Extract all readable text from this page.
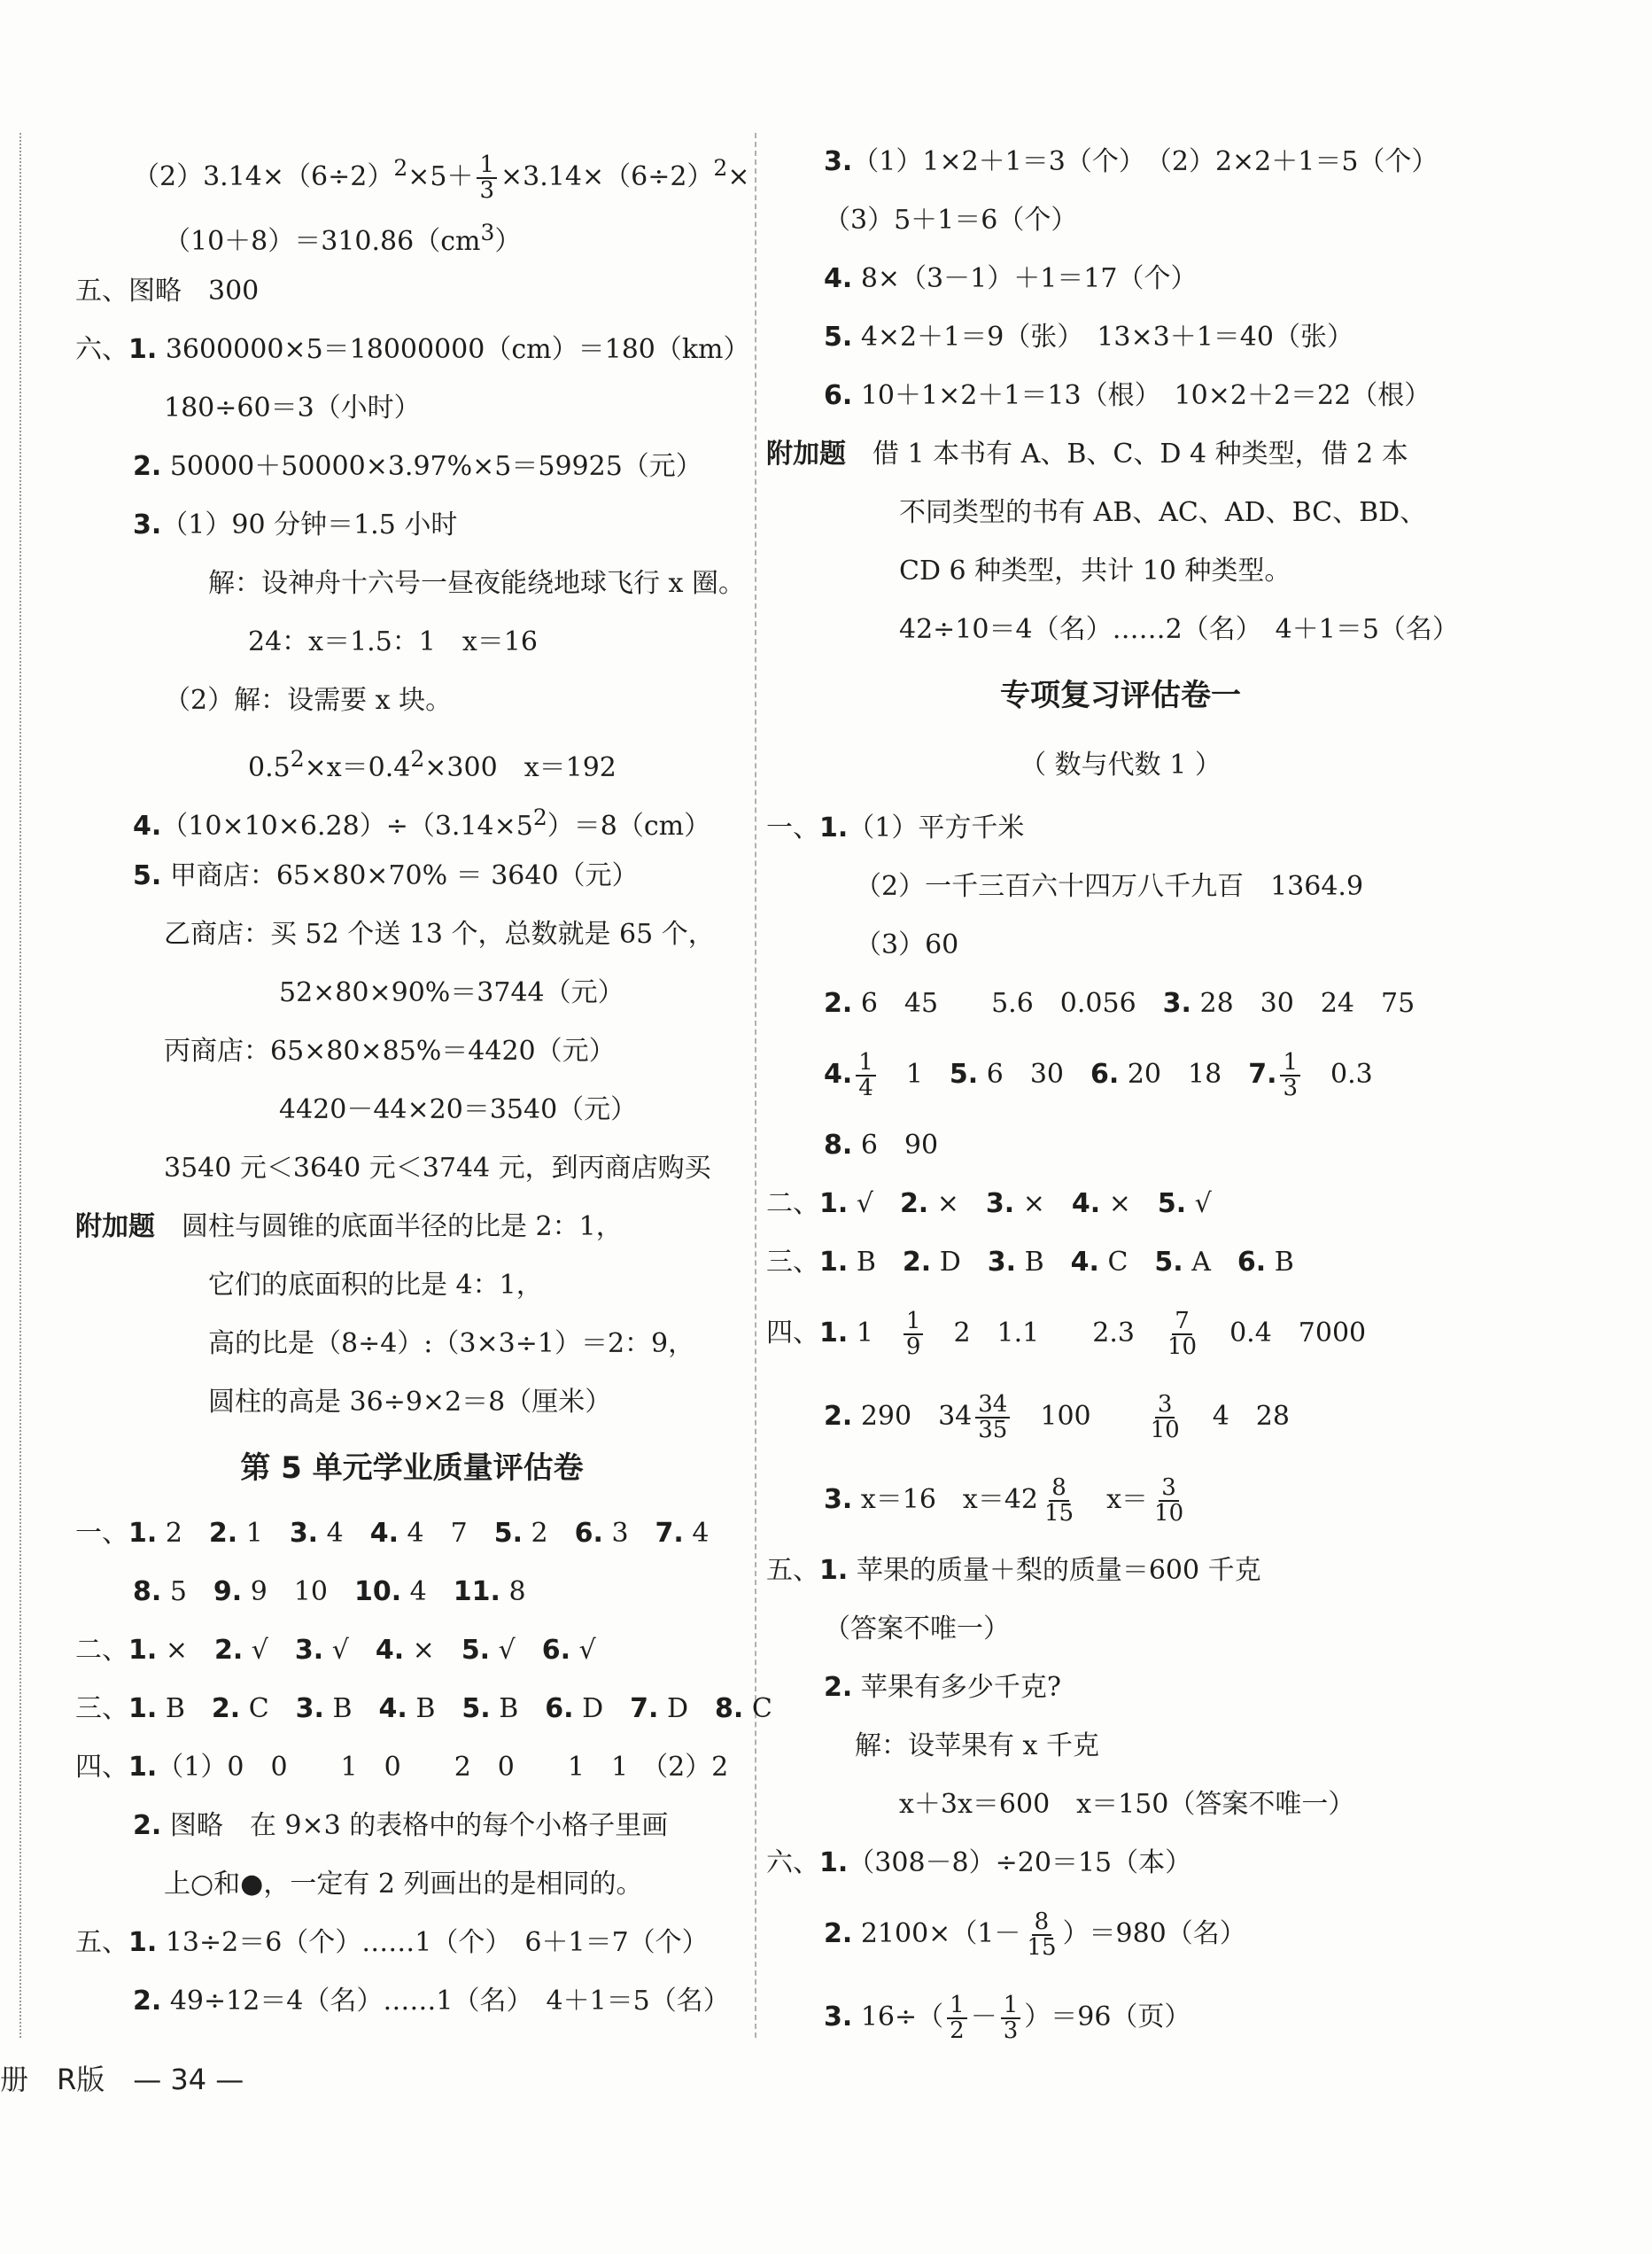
$(2)3.14\times(6\div 2)^2\times 5+ \frac{1}{3} \times 3.14\times(6\div 2)^2\times$
$(10+8)=310.86(cm^3)$
五、图略　300
六、1. 3600000×5＝18000000（cm）＝180（km）
180÷60＝3（小时）
2. 50000＋50000×3.97%×5＝59925（元）
3.（1）90 分钟＝1.5 小时
解：设神舟十六号一昼夜能绕地球飞行 x 圈。
24：x＝1.5：1　x＝16
（2）解：设需要 x 块。
$0.5^2\times x=0.4^2\times 300$　x＝192
$4.(10\times 10\times 6.28)\div(3.14\times 5^2)=8(cm)$
5. 甲商店：65×80×70% ＝ 3640（元）
乙商店：买 52 个送 13 个，总数就是 65 个，
52×80×90%＝3744（元）
丙商店：65×80×85%＝4420（元）
4420－44×20＝3540（元）
3540 元＜3640 元＜3744 元，到丙商店购买
附加题　 圆柱与圆锥的底面半径的比是 2：1，
它们的底面积的比是 4：1，
高的比是（8÷4）:（3×3÷1）＝2：9，
圆柱的高是 36÷9×2＝8（厘米）
第 5 单元学业质量评估卷
一、1. 2　 2. 1　 3. 4　 4. 4　7　 5. 2　 6. 3　 7. 4
8. 5　 9. 9　10　 10. 4　 11. 8
二、1. ×　 2. √　 3. √　 4. ×　 5. √　 6. √
三、1. B　 2. C　 3. B　 4. B　 5. B　 6. D　 7. D　 8. C
四、1.（1）0　0　　1　0　　2　0　　1　1　（2）2
2. 图略　在 9×3 的表格中的每个小格子里画
上○和●，一定有 2 列画出的是相同的。
五、1. 13÷2＝6（个）……1（个）　6＋1＝7（个）
2. 49÷12＝4（名）……1（名）　4＋1＝5（名）
3.（1）1×2＋1＝3（个）　（2）2×2＋1＝5（个）
（3）5＋1＝6（个）
4. 8×（3－1）＋1＝17（个）
5. 4×2＋1＝9（张）　13×3＋1＝40（张）
6. 10＋1×2＋1＝13（根）　10×2＋2＝22（根）
附加题　 借 1 本书有 A、B、C、D 4 种类型，借 2 本
不同类型的书有 AB、AC、AD、BC、BD、
CD 6 种类型，共计 10 种类型。
42÷10＝4（名）……2（名）　4＋1＝5（名）
专项复习评估卷一
（ 数与代数 1 ）
一、1.（1）平方千米
（2）一千三百六十四万八千九百　1364.9
（3）60
2. 6　45　　5.6　0.056　 3. 28　30　24　75
4. $\frac{1}{4}$
　 1　 5. 6　30　 6. 20　18　 7. $\frac{1}{3}$
　 0.3
8. 6　90
二、1. √　 2. ×　 3. ×　 4. ×　 5. √
三、1. B　 2. D　 3. B　 4. C　 5. A　 6. B
四、1. 1　 $\frac{1}{9}$
　 2　1.1　　2.3　 $\frac{7}{10}$
　 0.4　7000
2. 290　$34 \frac{34}{35}$
　 100　　 $\frac{3}{10}$
　 4　28
3. x＝16　$x=42 \frac{8}{15}$
　 $x= \frac{3}{10}$
五、1. 苹果的质量＋梨的质量＝600 千克
（答案不唯一）
2. 苹果有多少千克?
解：设苹果有 x 千克
x＋3x＝600　x＝150（答案不唯一）
六、1.（308－8）÷20＝15（本）
2. $2100\times(1- \frac{8}{15} )=980$（名）
3. $16\div( \frac{1}{2} - \frac{1}{3} )=96$（页）
册　R版　— 34 —
